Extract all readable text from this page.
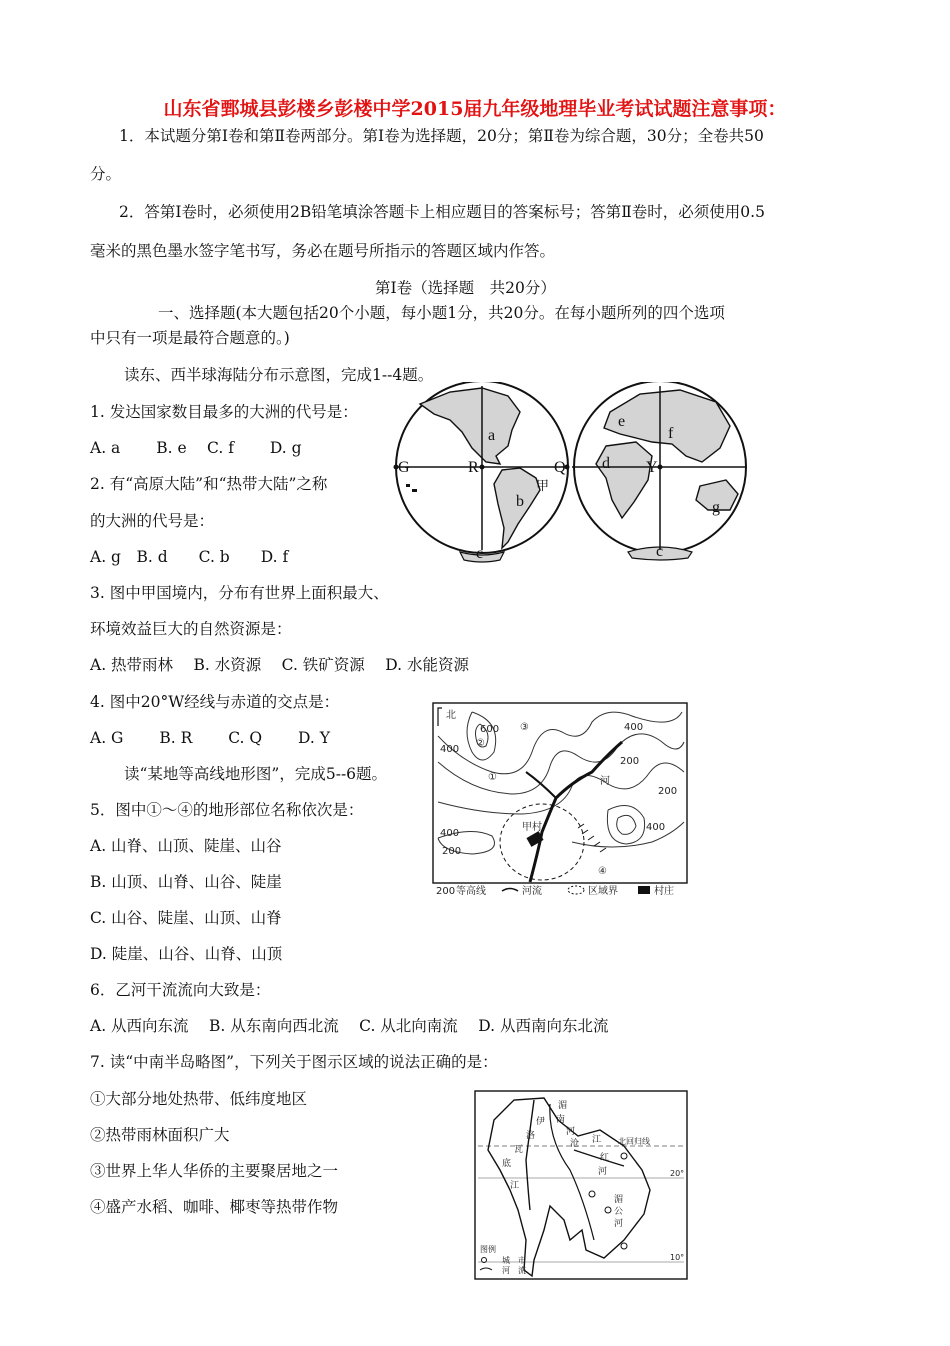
山东省鄄城县彭楼乡彭楼中学2015届九年级地理毕业考试试题注意事项：
1．本试题分第Ⅰ卷和第Ⅱ卷两部分。第Ⅰ卷为选择题，20分；第Ⅱ卷为综合题，30分；全卷共50
分。
2．答第Ⅰ卷时，必须使用2B铅笔填涂答题卡上相应题目的答案标号；答第Ⅱ卷时，必须使用0.5
毫米的黑色墨水签字笔书写，务必在题号所指示的答题区域内作答。
第Ⅰ卷（选择题　共20分）
一、选择题(本大题包括20个小题，每小题1分，共20分。在每小题所列的四个选项
中只有一项是最符合题意的。)
读东、西半球海陆分布示意图，完成1--4题。
1. 发达国家数目最多的大洲的代号是：
A. a　　 B. e 　C. f 　　D. g
2. 有“高原大陆”和“热带大陆”之称
的大洲的代号是：
A. g　B. d　　C. b　　D. f
3. 图中甲国境内，分布有世界上面积最大、
环境效益巨大的自然资源是：
A. 热带雨林　 B. 水资源　 C. 铁矿资源　 D. 水能资源
4. 图中20°W经线与赤道的交点是：
A. G　　 B. R　　 C. Q　　 D. Y
读“某地等高线地形图”，完成5--6题。
5．图中①～④的地形部位名称依次是：
A. 山脊、山顶、陡崖、山谷
B. 山顶、山脊、山谷、陡崖
C. 山谷、陡崖、山顶、山脊
D. 陡崖、山谷、山脊、山顶
6．乙河干流流向大致是：
A. 从西向东流　 B. 从东南向西北流　 C. 从北向南流　 D. 从西南向东北流
7. 读“中南半岛略图”，下列关于图示区域的说法正确的是：
①大部分地处热带、低纬度地区
②热带雨林面积广大
③世界上华人华侨的主要聚居地之一
④盛产水稻、咖啡、椰枣等热带作物
G	R	Q	Y
a
b
c
d
e
f
g
c
甲
北
甲村
河
600
400
400
200
400
200
400
200
②
③
①
④
200 等高线	河流	区域界	村庄
北回归线
20°
10°
伊
洛
瓦
底
江
湄
南
河
沧 江
红
河
湄
公
河
图例
城　市
河　流
